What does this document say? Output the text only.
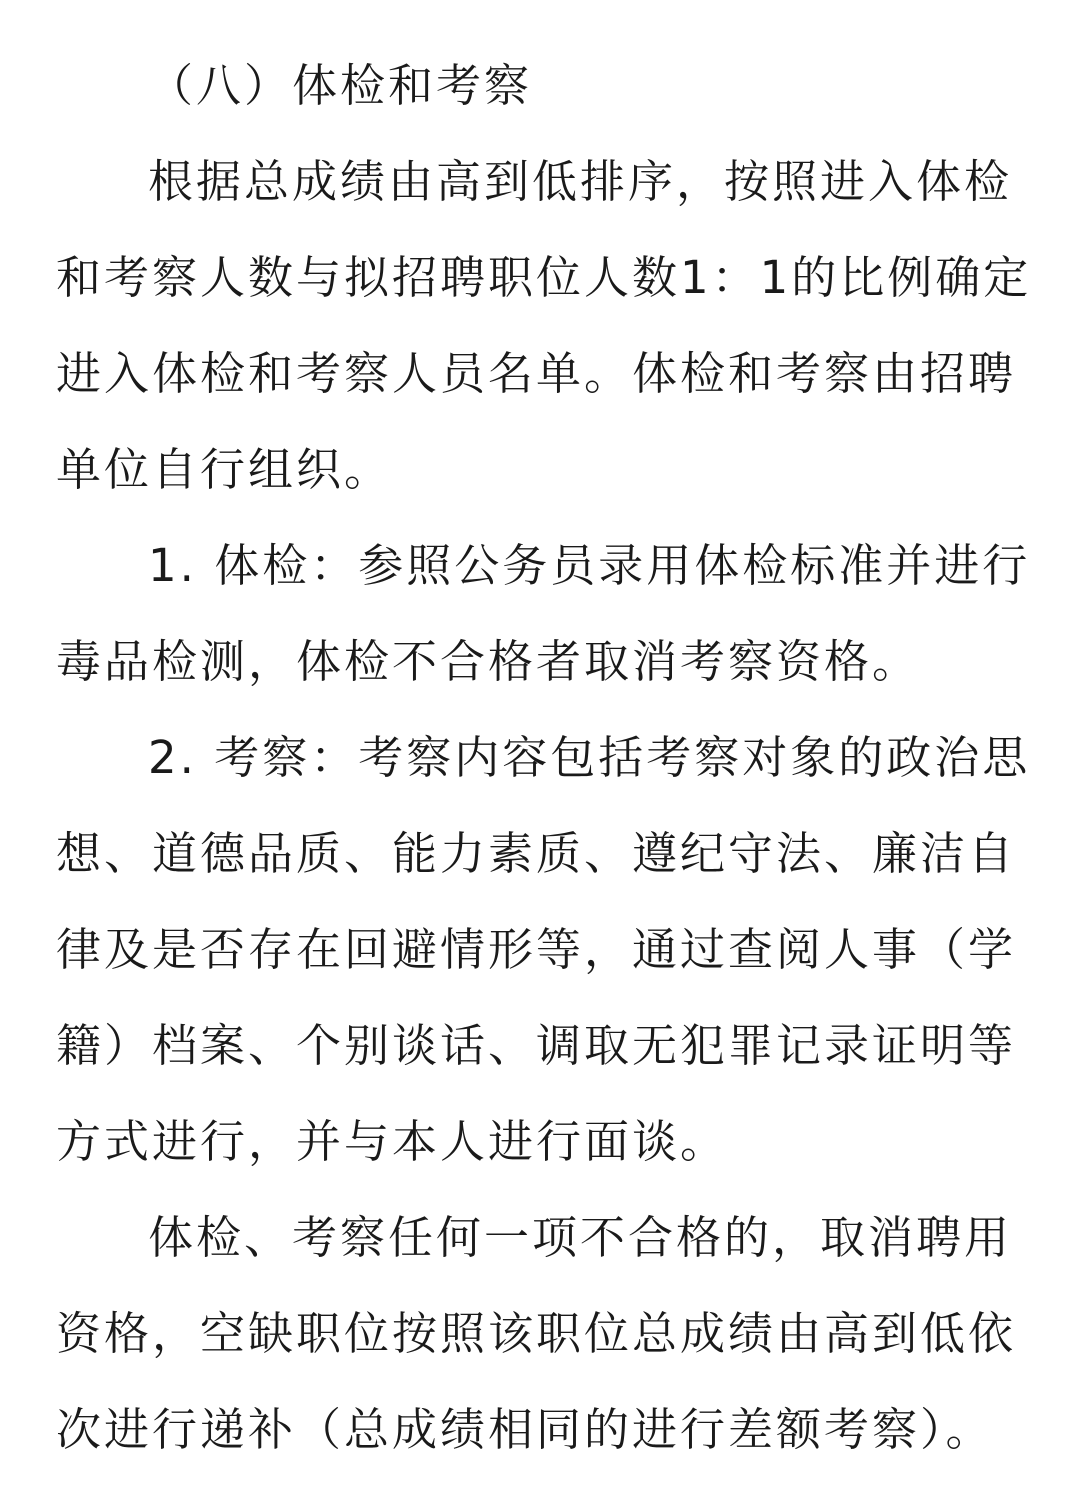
（八）体检和考察

根据总成绩由高到低排序，按照进入体检
和考察人数与拟招聘职位人数1：1的比例确定
进入体检和考察人员名单。体检和考察由招聘
单位自行组织。
1. 体检：参照公务员录用体检标准并进行
毒品检测，体检不合格者取消考察资格。
2. 考察：考察内容包括考察对象的政治思
想、道德品质、能力素质、遵纪守法、廉洁自
律及是否存在回避情形等，通过查阅人事（学
籍）档案、个别谈话、调取无犯罪记录证明等
方式进行，并与本人进行面谈。
体检、考察任何一项不合格的，取消聘用
资格，空缺职位按照该职位总成绩由高到低依
次进行递补（总成绩相同的进行差额考察）。
